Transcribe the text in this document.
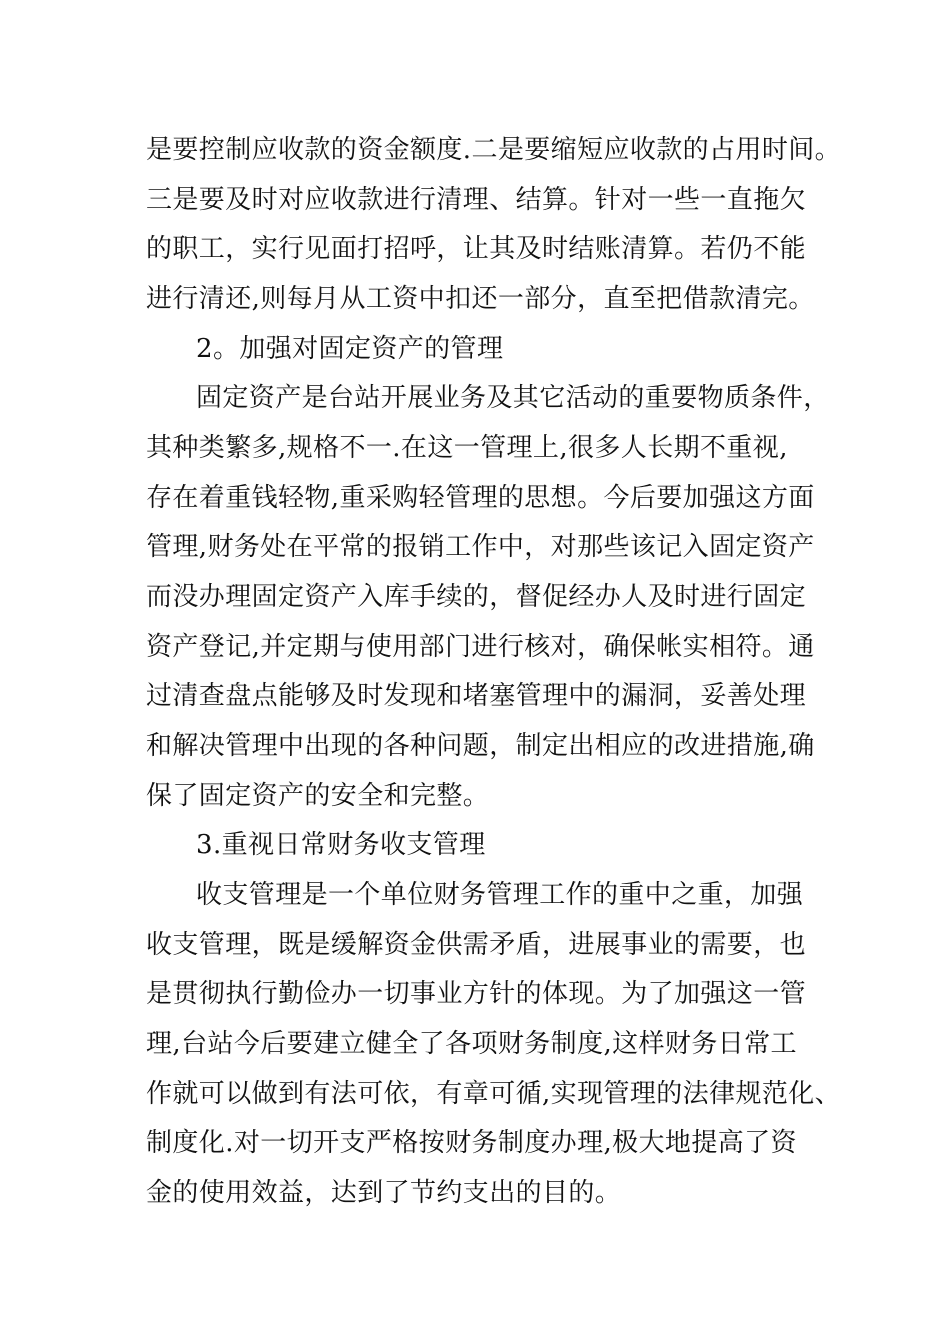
是要控制应收款的资金额度.二是要缩短应收款的占用时间。
三是要及时对应收款进行清理、结算。针对一些一直拖欠
的职工，实行见面打招呼，让其及时结账清算。若仍不能
进行清还,则每月从工资中扣还一部分，直至把借款清完。
2。加强对固定资产的管理
固定资产是台站开展业务及其它活动的重要物质条件，
其种类繁多,规格不一.在这一管理上,很多人长期不重视,
存在着重钱轻物,重采购轻管理的思想。今后要加强这方面
管理,财务处在平常的报销工作中，对那些该记入固定资产
而没办理固定资产入库手续的，督促经办人及时进行固定
资产登记,并定期与使用部门进行核对，确保帐实相符。通
过清查盘点能够及时发现和堵塞管理中的漏洞，妥善处理
和解决管理中出现的各种问题，制定出相应的改进措施,确
保了固定资产的安全和完整。
3.重视日常财务收支管理
收支管理是一个单位财务管理工作的重中之重，加强
收支管理，既是缓解资金供需矛盾，进展事业的需要，也
是贯彻执行勤俭办一切事业方针的体现。为了加强这一管
理,台站今后要建立健全了各项财务制度,这样财务日常工
作就可以做到有法可依，有章可循,实现管理的法律规范化、
制度化.对一切开支严格按财务制度办理,极大地提高了资
金的使用效益，达到了节约支出的目的。
